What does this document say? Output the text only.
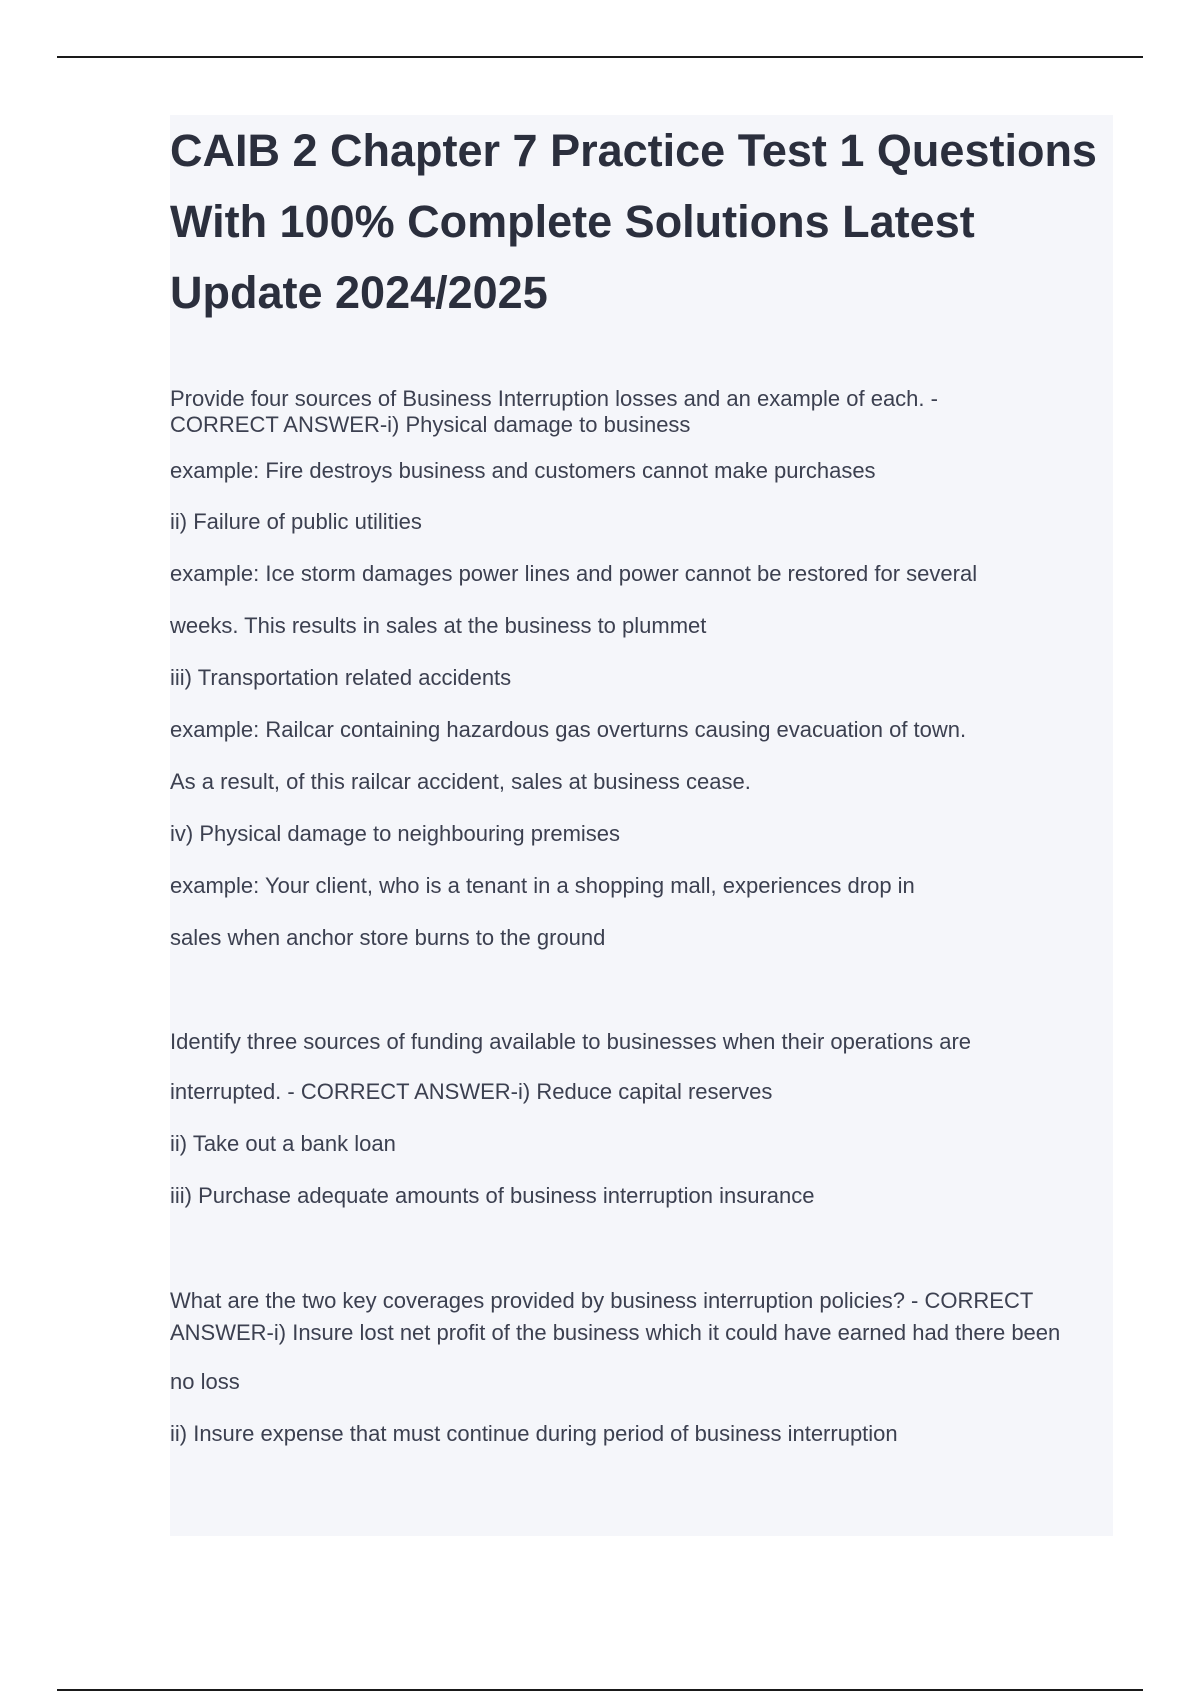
CAIB 2 Chapter 7 Practice Test 1 Questions With 100% Complete Solutions Latest Update 2024/2025

Provide four sources of Business Interruption losses and an example of each. - CORRECT ANSWER-i) Physical damage to business

example: Fire destroys business and customers cannot make purchases

ii) Failure of public utilities

example: Ice storm damages power lines and power cannot be restored for several

weeks. This results in sales at the business to plummet

iii) Transportation related accidents

example: Railcar containing hazardous gas overturns causing evacuation of town.

As a result, of this railcar accident, sales at business cease.

iv) Physical damage to neighbouring premises

example: Your client, who is a tenant in a shopping mall, experiences drop in

sales when anchor store burns to the ground

Identify three sources of funding available to businesses when their operations are

interrupted. - CORRECT ANSWER-i) Reduce capital reserves

ii) Take out a bank loan

iii) Purchase adequate amounts of business interruption insurance

What are the two key coverages provided by business interruption policies? - CORRECT ANSWER-i) Insure lost net profit of the business which it could have earned had there been

no loss

ii) Insure expense that must continue during period of business interruption
